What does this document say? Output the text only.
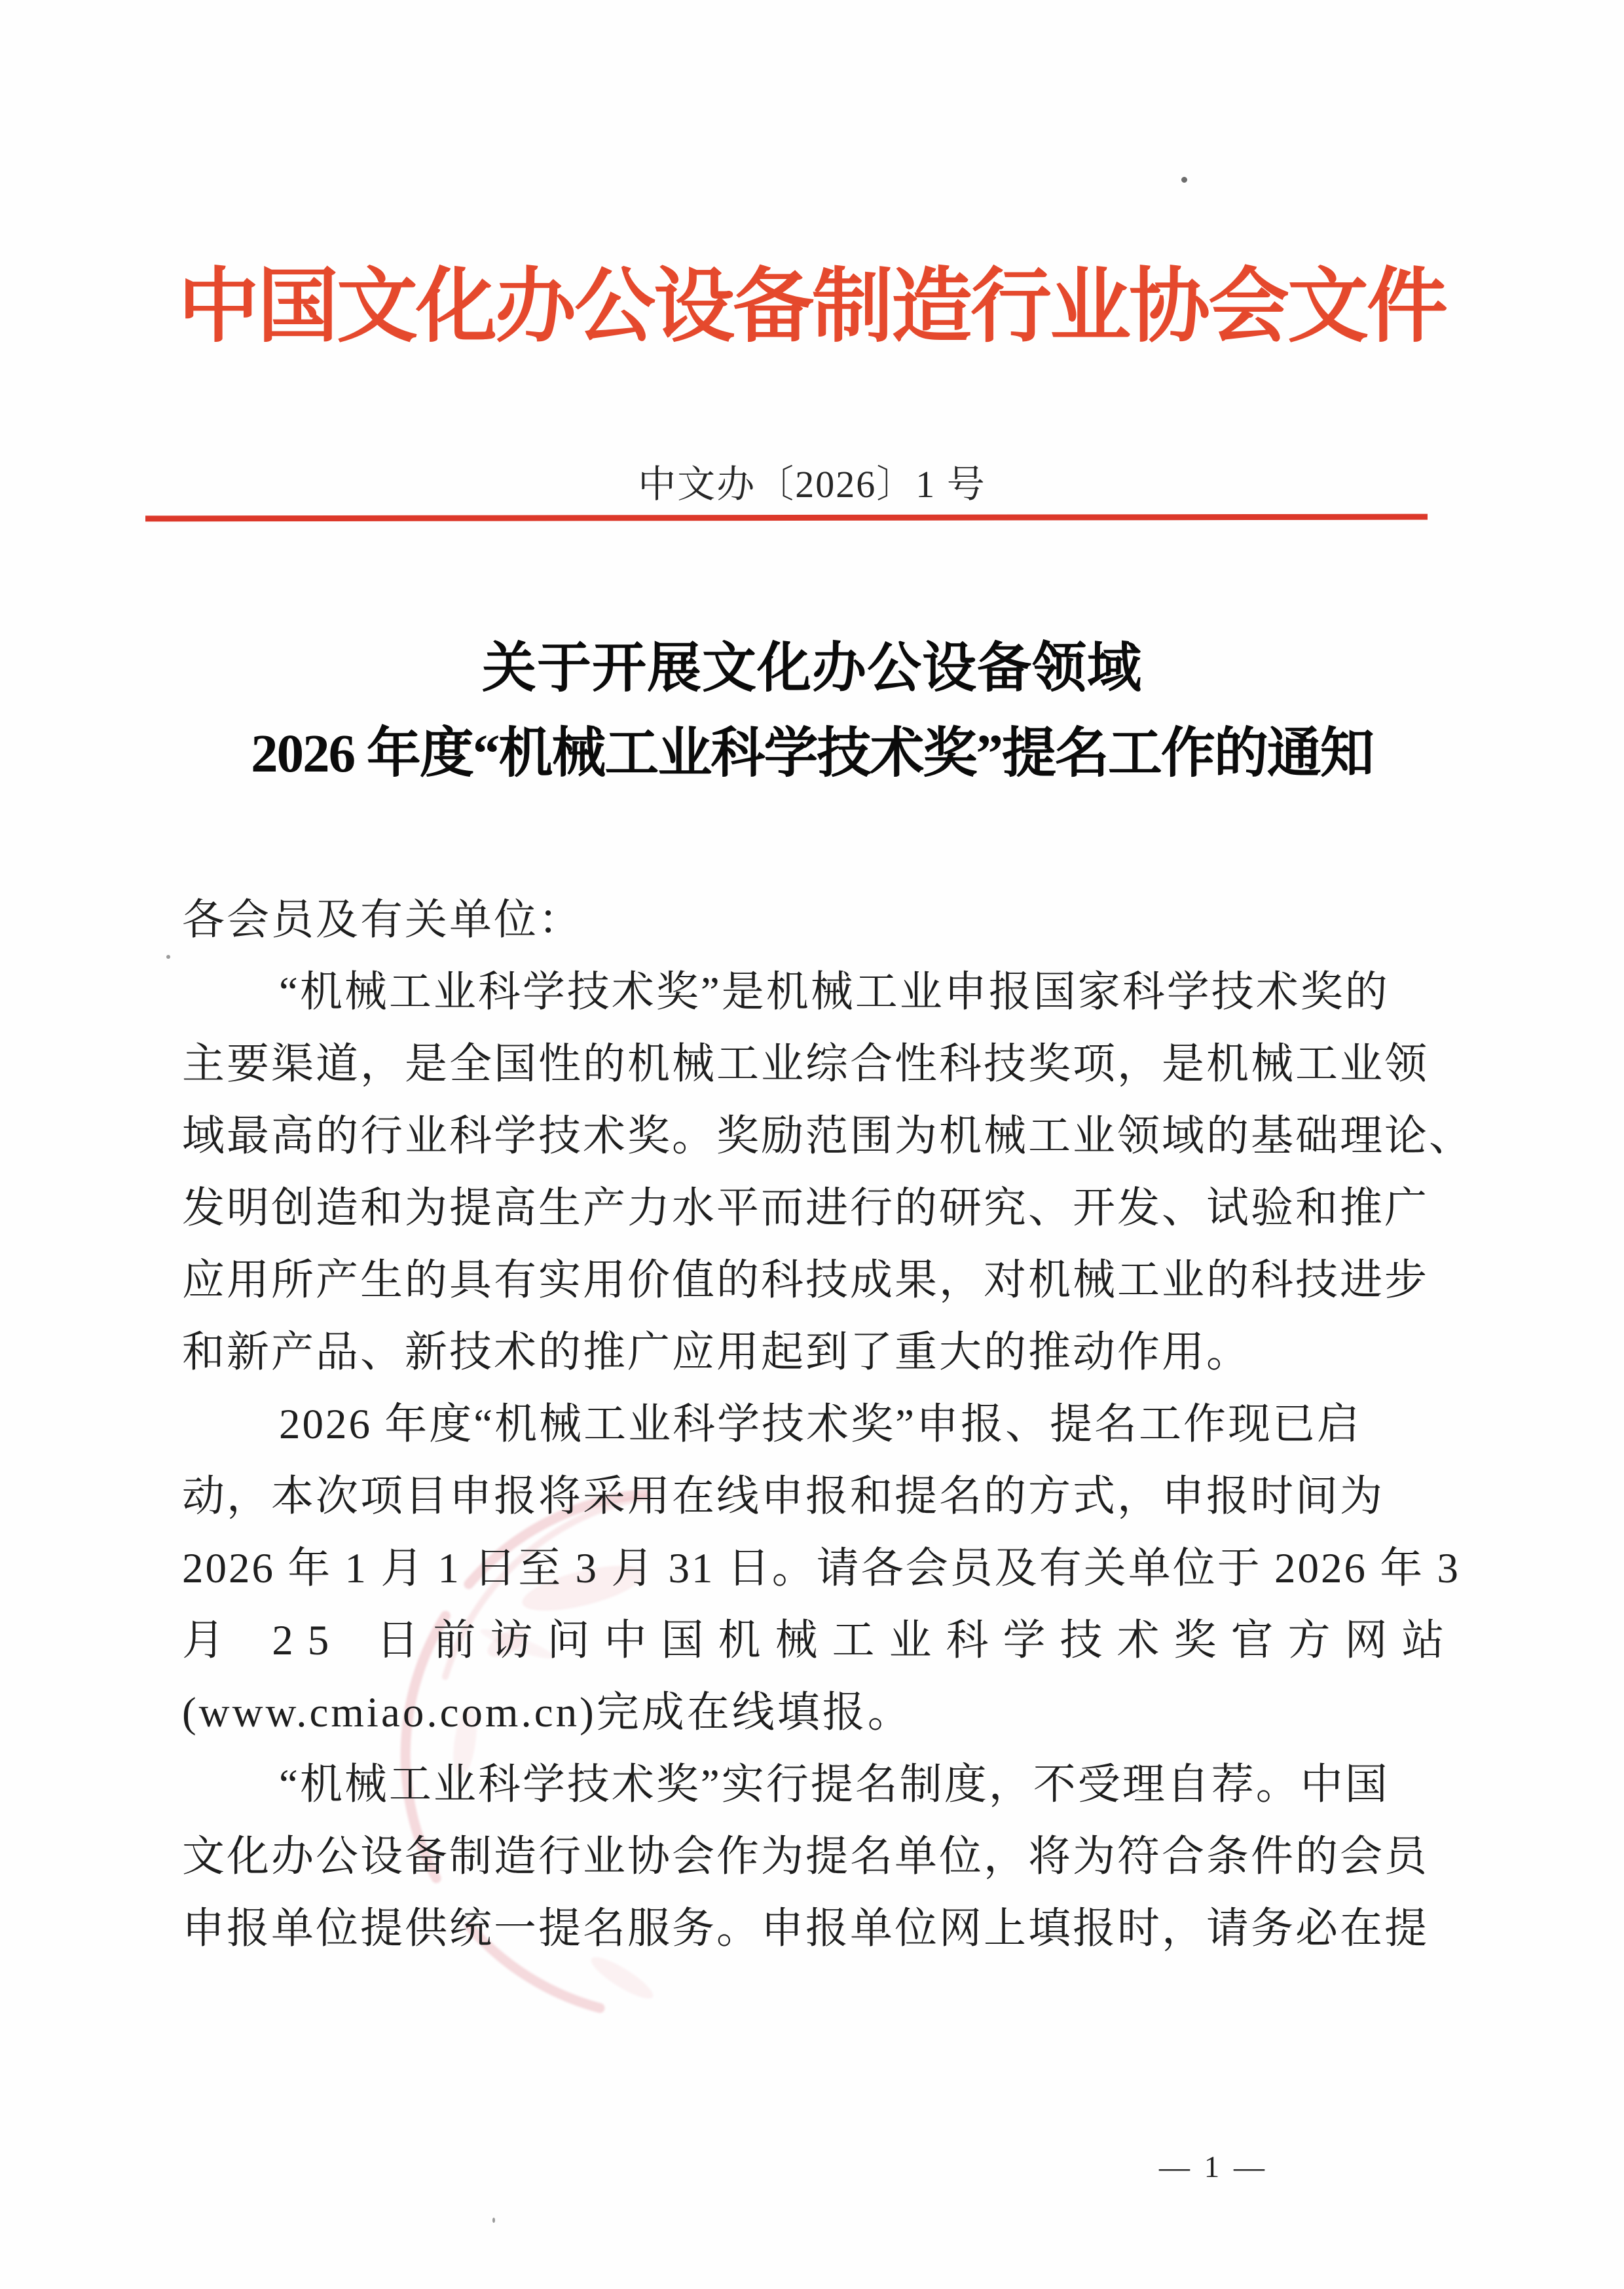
中国文化办公设备制造行业协会文件
中文办〔2026〕1 号
关于开展文化办公设备领域
2026 年度“机械工业科学技术奖”提名工作的通知
各会员及有关单位：
“机械工业科学技术奖”是机械工业申报国家科学技术奖的
主要渠道，是全国性的机械工业综合性科技奖项，是机械工业领
域最高的行业科学技术奖。奖励范围为机械工业领域的基础理论、
发明创造和为提高生产力水平而进行的研究、开发、试验和推广
应用所产生的具有实用价值的科技成果，对机械工业的科技进步
和新产品、新技术的推广应用起到了重大的推动作用。
2026 年度“机械工业科学技术奖”申报、提名工作现已启
动，本次项目申报将采用在线申报和提名的方式，申报时间为
2026 年 1 月 1 日至 3 月 31 日。请各会员及有关单位于 2026 年 3
月 25 日前访问中国机械工业科学技术奖官方网站
(www.cmiao.com.cn)完成在线填报。
“机械工业科学技术奖”实行提名制度，不受理自荐。中国
文化办公设备制造行业协会作为提名单位，将为符合条件的会员
申报单位提供统一提名服务。申报单位网上填报时，请务必在提
— 1 —
